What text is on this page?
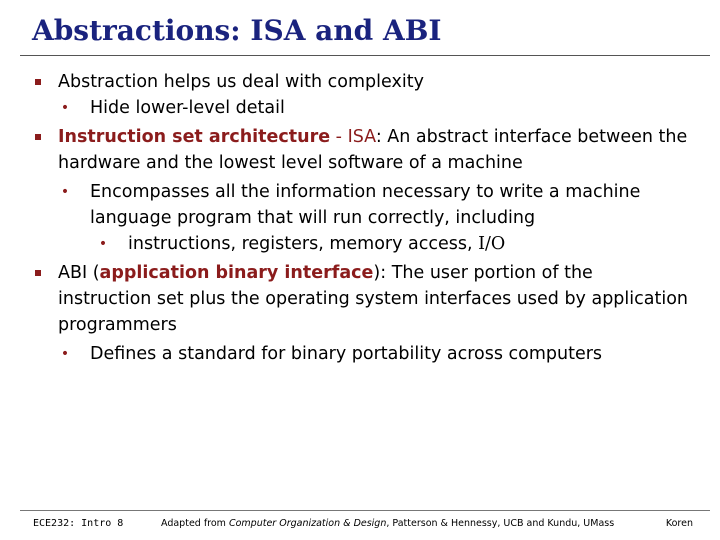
Abstractions: ISA and ABI
Abstraction helps us deal with complexity
• Hide lower-level detail
Instruction set architecture - ISA: An abstract interface between the hardware and the lowest level software of a machine
• Encompasses all the information necessary to write a machine language program that will run correctly, including
• instructions, registers, memory access, I/O
ABI (application binary interface): The user portion of the instruction set plus the operating system interfaces used by application programmers
• Defines a standard for binary portability across computers
ECE232: Intro 8	Adapted from Computer Organization & Design, Patterson & Hennessy, UCB and Kundu, UMass	Koren
